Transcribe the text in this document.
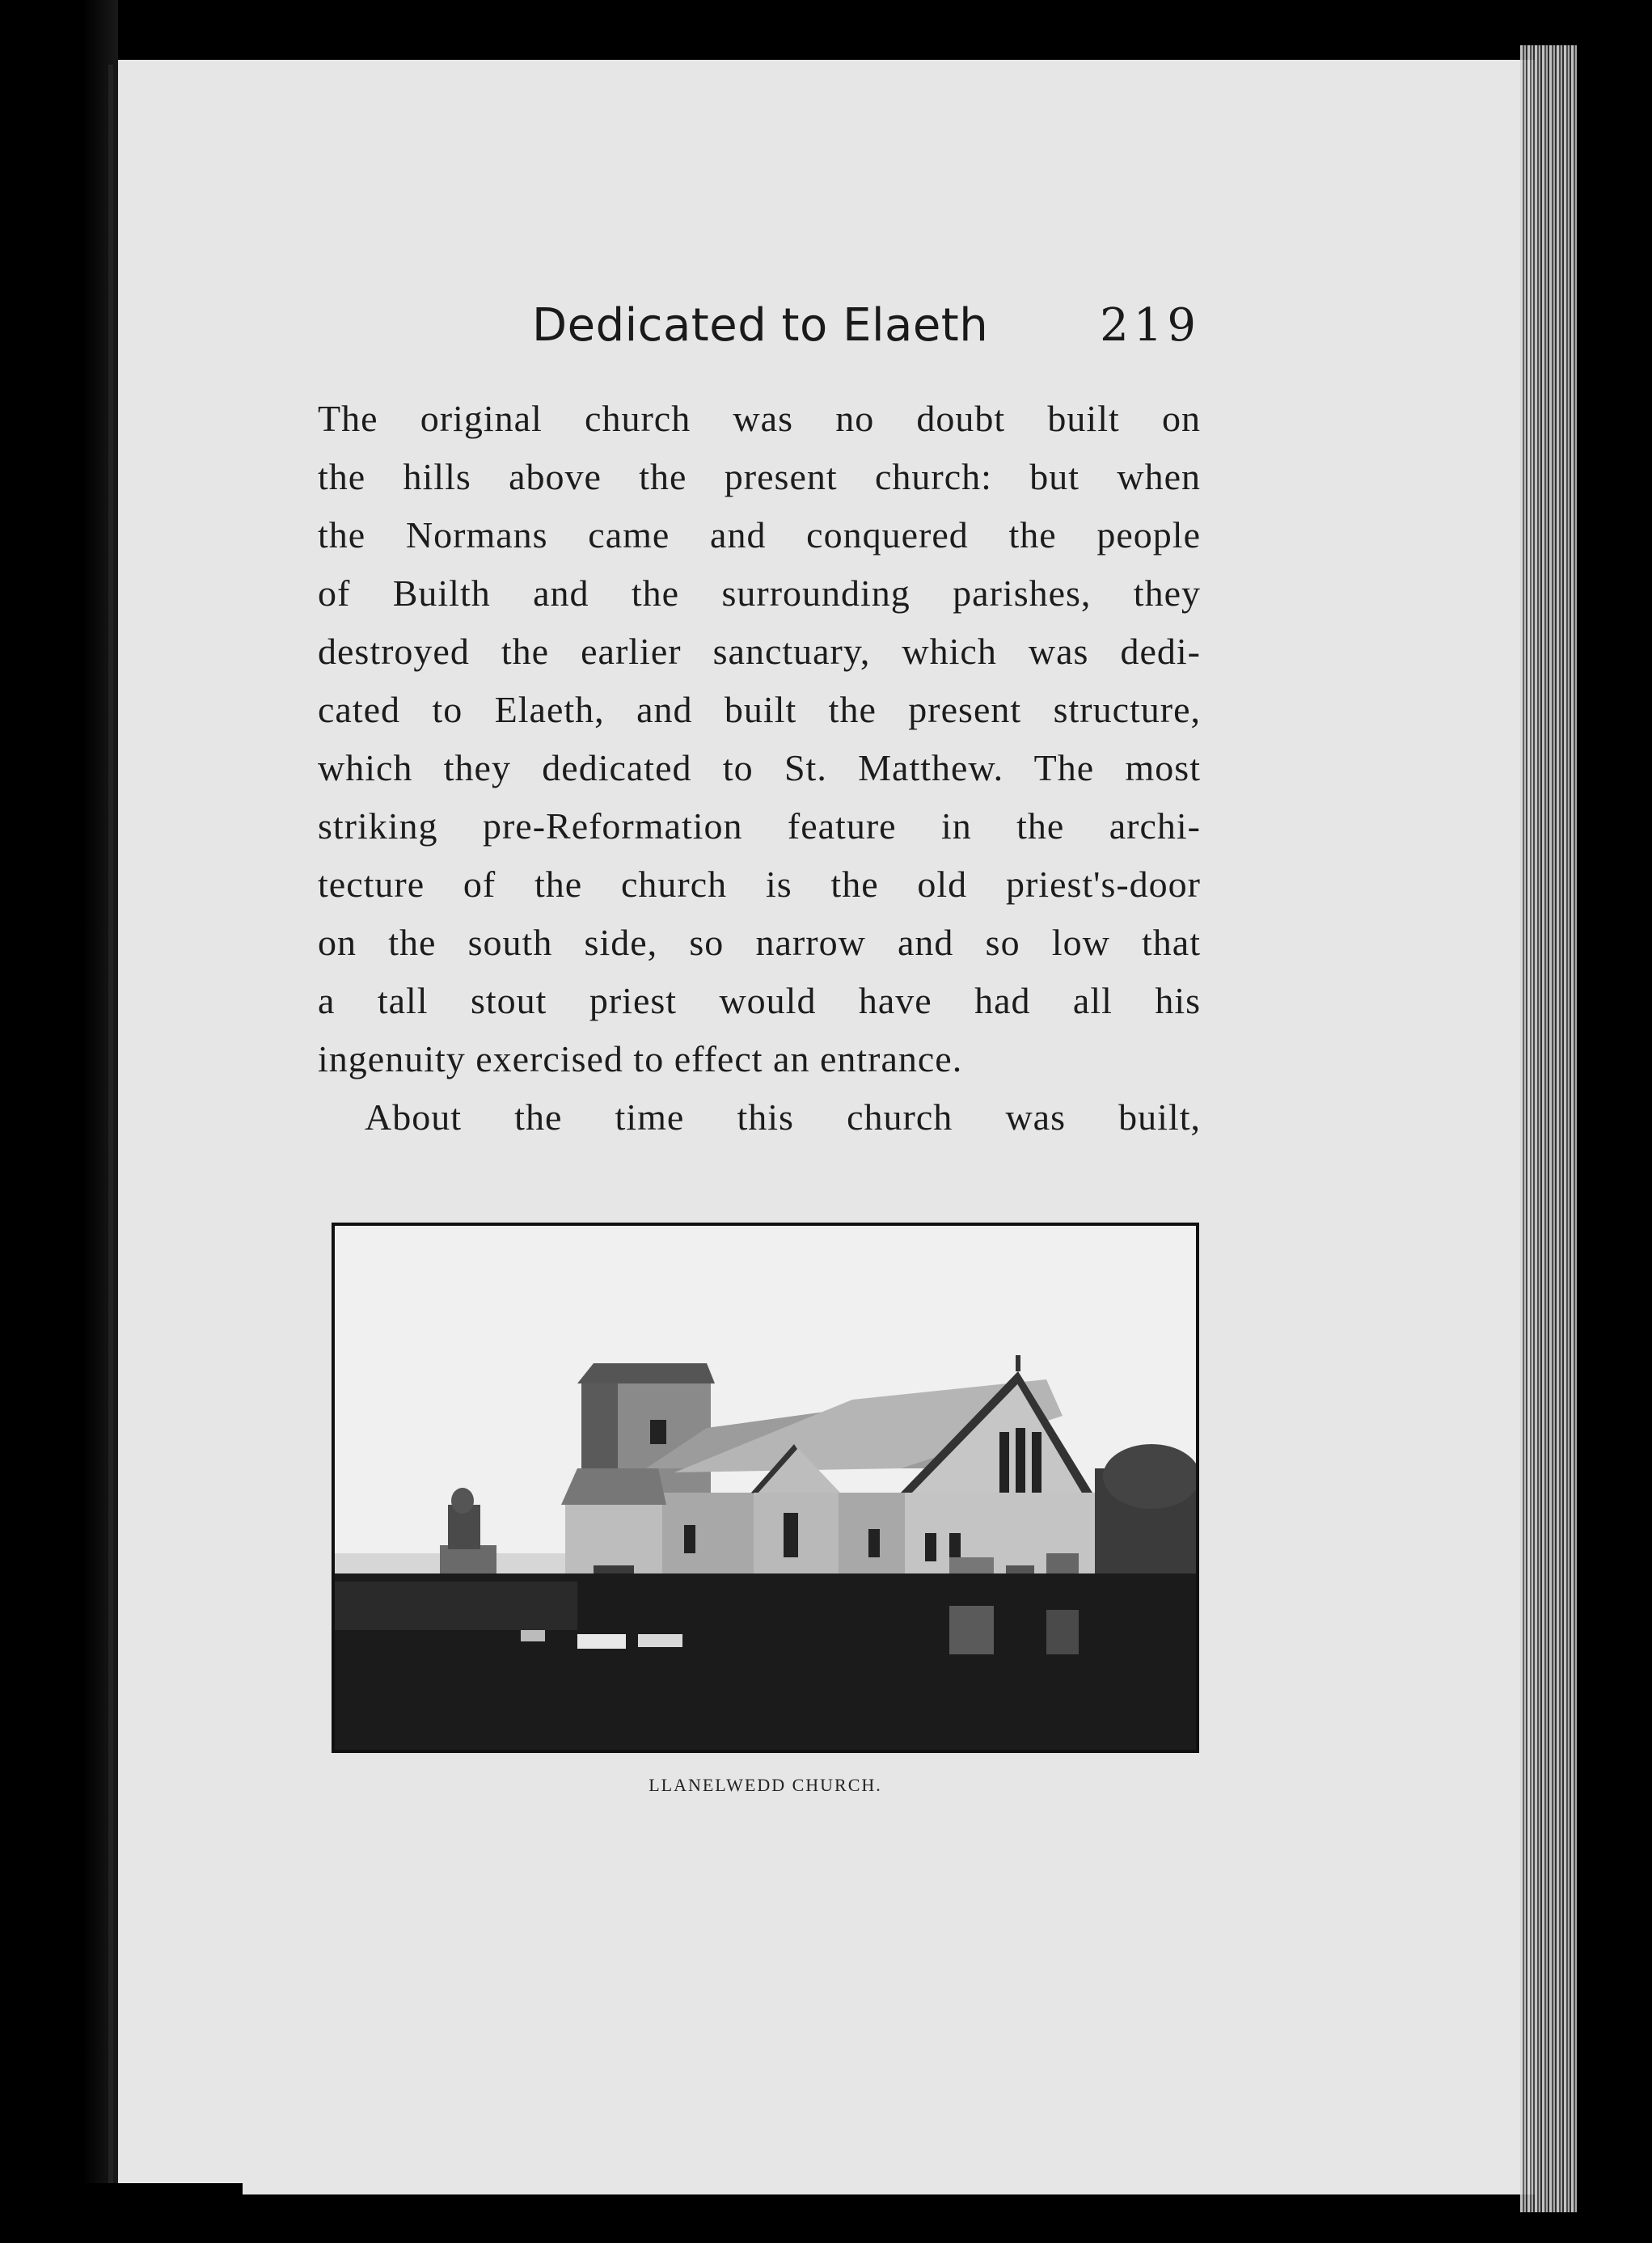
Dedicated to Elaeth 219
The original church was no doubt built on
the hills above the present church: but when
the Normans came and conquered the people
of Builth and the surrounding parishes, they
destroyed the earlier sanctuary, which was dedi-
cated to Elaeth, and built the present structure,
which they dedicated to St. Matthew. The most
striking pre-Reformation feature in the archi-
tecture of the church is the old priest's-door
on the south side, so narrow and so low that
a tall stout priest would have had all his
ingenuity exercised to effect an entrance.
About the time this church was built,
LLANELWEDD CHURCH.
